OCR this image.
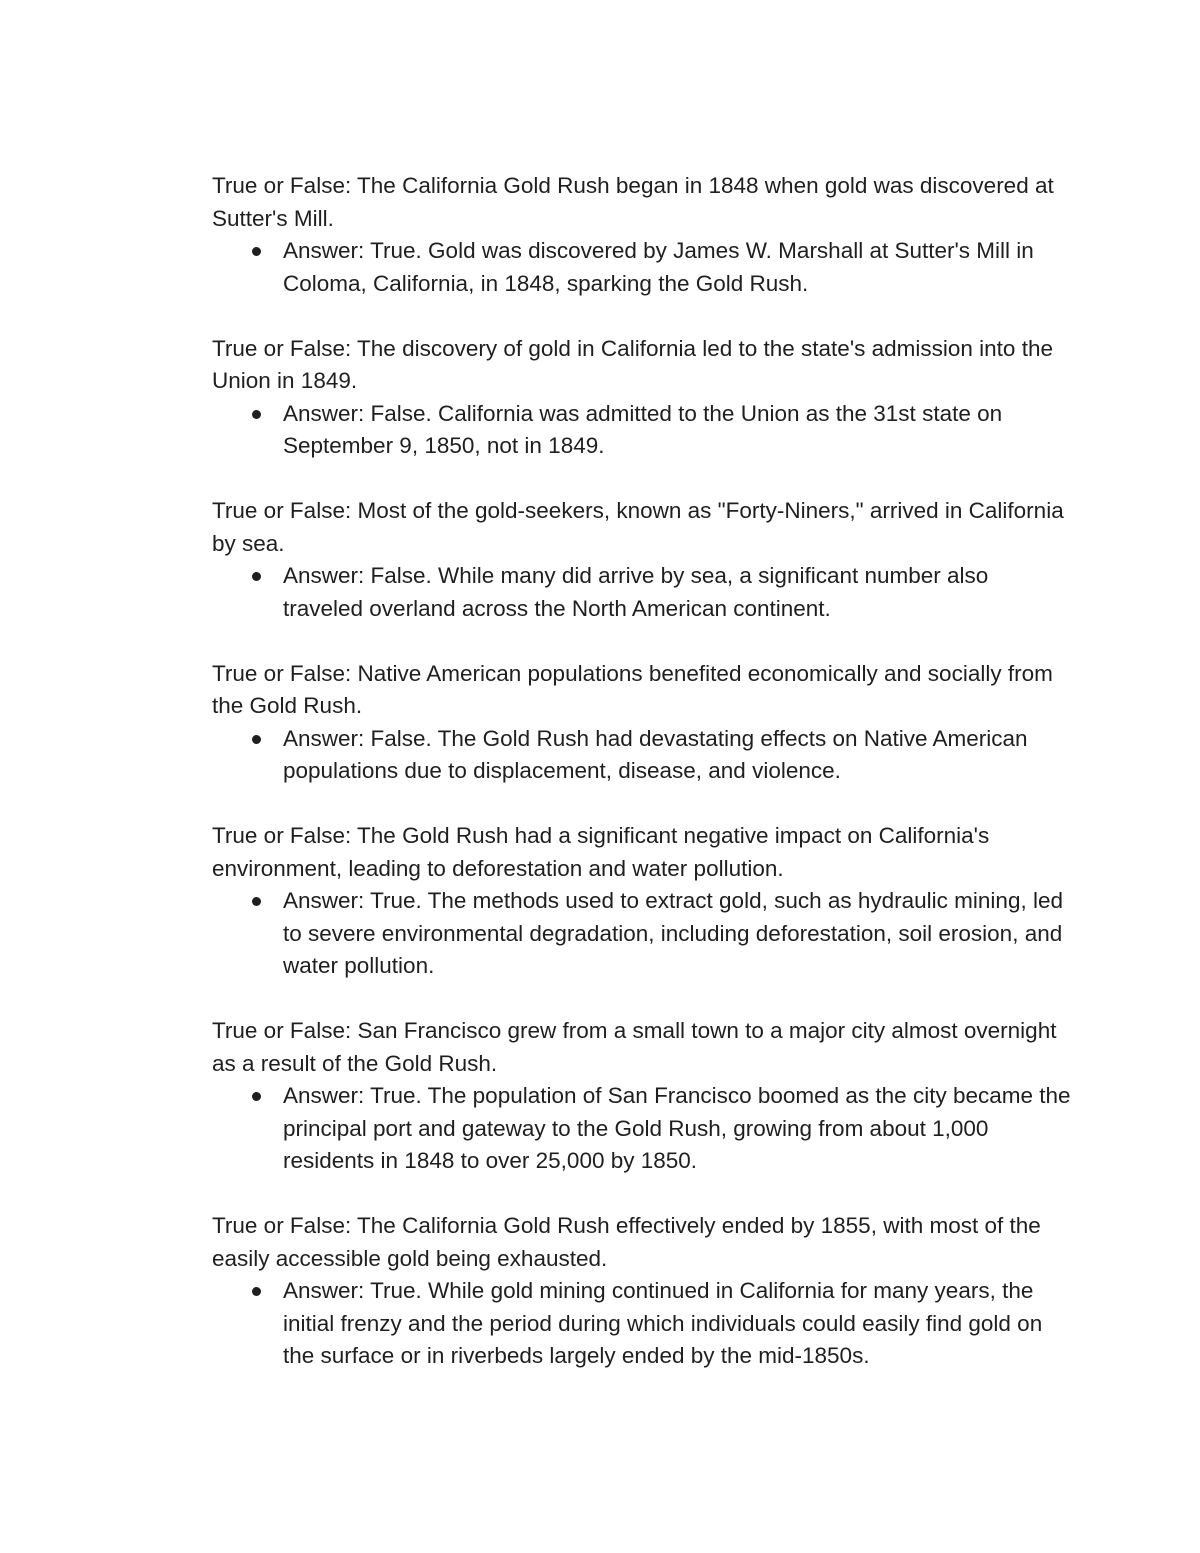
True or False: The California Gold Rush began in 1848 when gold was discovered at Sutter's Mill.

Answer: True. Gold was discovered by James W. Marshall at Sutter's Mill in Coloma, California, in 1848, sparking the Gold Rush.

True or False: The discovery of gold in California led to the state's admission into the Union in 1849.

Answer: False. California was admitted to the Union as the 31st state on September 9, 1850, not in 1849.

True or False: Most of the gold-seekers, known as "Forty-Niners," arrived in California by sea.

Answer: False. While many did arrive by sea, a significant number also traveled overland across the North American continent.

True or False: Native American populations benefited economically and socially from the Gold Rush.

Answer: False. The Gold Rush had devastating effects on Native American populations due to displacement, disease, and violence.

True or False: The Gold Rush had a significant negative impact on California's environment, leading to deforestation and water pollution.

Answer: True. The methods used to extract gold, such as hydraulic mining, led to severe environmental degradation, including deforestation, soil erosion, and water pollution.

True or False: San Francisco grew from a small town to a major city almost overnight as a result of the Gold Rush.

Answer: True. The population of San Francisco boomed as the city became the principal port and gateway to the Gold Rush, growing from about 1,000 residents in 1848 to over 25,000 by 1850.

True or False: The California Gold Rush effectively ended by 1855, with most of the easily accessible gold being exhausted.

Answer: True. While gold mining continued in California for many years, the initial frenzy and the period during which individuals could easily find gold on the surface or in riverbeds largely ended by the mid-1850s.
